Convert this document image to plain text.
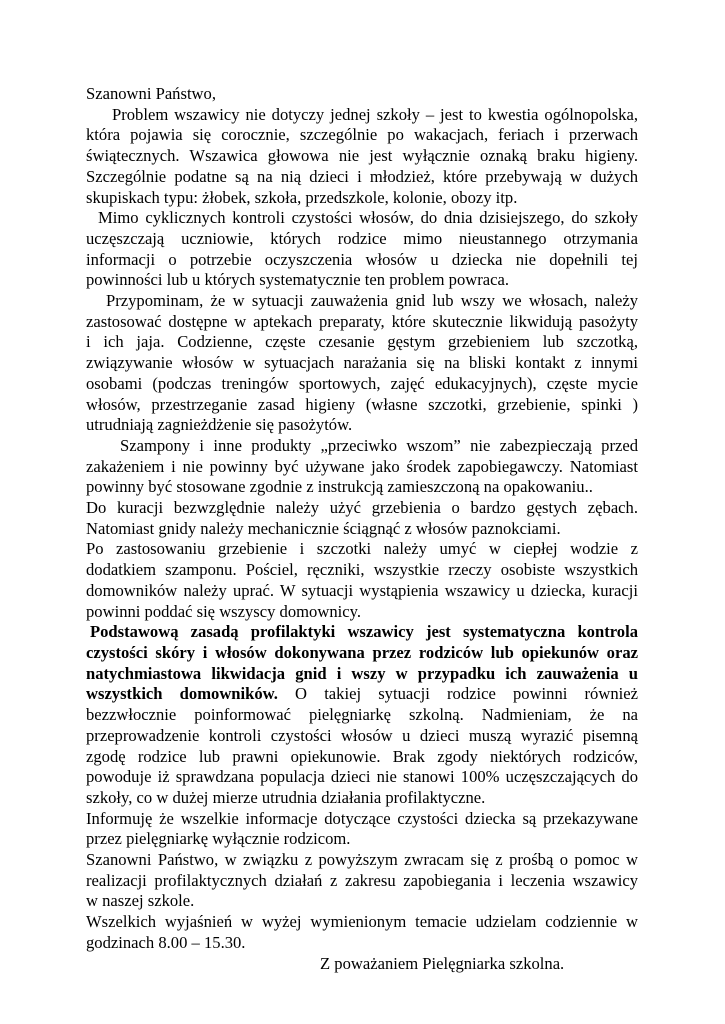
Szanowni Państwo,
Problem wszawicy nie dotyczy jednej szkoły – jest to kwestia ogólnopolska,
która pojawia się corocznie, szczególnie po wakacjach, feriach i przerwach
świątecznych. Wszawica głowowa nie jest wyłącznie oznaką braku higieny.
Szczególnie podatne są na nią dzieci i młodzież, które przebywają w dużych
skupiskach typu: żłobek, szkoła, przedszkole, kolonie, obozy itp.
Mimo cyklicznych kontroli czystości włosów, do dnia dzisiejszego, do szkoły
uczęszczają uczniowie, których rodzice mimo nieustannego otrzymania
informacji o potrzebie oczyszczenia włosów u dziecka nie dopełnili tej
powinności lub u których systematycznie ten problem powraca.
Przypominam, że w sytuacji zauważenia gnid lub wszy we włosach, należy
zastosować dostępne w aptekach preparaty, które skutecznie likwidują pasożyty
i ich jaja. Codzienne, częste czesanie gęstym grzebieniem lub szczotką,
związywanie włosów w sytuacjach narażania się na bliski kontakt z innymi
osobami (podczas treningów sportowych, zajęć edukacyjnych), częste mycie
włosów, przestrzeganie zasad higieny (własne szczotki, grzebienie, spinki )
utrudniają zagnieżdżenie się pasożytów.
Szampony i inne produkty „przeciwko wszom” nie zabezpieczają przed
zakażeniem i nie powinny być używane jako środek zapobiegawczy. Natomiast
powinny być stosowane zgodnie z instrukcją zamieszczoną na opakowaniu..
Do kuracji bezwzględnie należy użyć grzebienia o bardzo gęstych zębach.
Natomiast gnidy należy mechanicznie ściągnąć z włosów paznokciami.
Po zastosowaniu grzebienie i szczotki należy umyć w ciepłej wodzie z
dodatkiem szamponu. Pościel, ręczniki, wszystkie rzeczy osobiste wszystkich
domowników należy uprać. W sytuacji wystąpienia wszawicy u dziecka, kuracji
powinni poddać się wszyscy domownicy.
Podstawową zasadą profilaktyki wszawicy jest systematyczna kontrola
czystości skóry i włosów dokonywana przez rodziców lub opiekunów oraz
natychmiastowa likwidacja gnid i wszy w przypadku ich zauważenia u
wszystkich domowników. O takiej sytuacji rodzice powinni również
bezzwłocznie poinformować pielęgniarkę szkolną. Nadmieniam, że na
przeprowadzenie kontroli czystości włosów u dzieci muszą wyrazić pisemną
zgodę rodzice lub prawni opiekunowie. Brak zgody niektórych rodziców,
powoduje iż sprawdzana populacja dzieci nie stanowi 100% uczęszczających do
szkoły, co w dużej mierze utrudnia działania profilaktyczne.
Informuję że wszelkie informacje dotyczące czystości dziecka są przekazywane
przez pielęgniarkę wyłącznie rodzicom.
Szanowni Państwo, w związku z powyższym zwracam się z prośbą o pomoc w
realizacji profilaktycznych działań z zakresu zapobiegania i leczenia wszawicy
w naszej szkole.
Wszelkich wyjaśnień w wyżej wymienionym temacie udzielam codziennie w
godzinach 8.00 – 15.30.
Z poważaniem Pielęgniarka szkolna.
